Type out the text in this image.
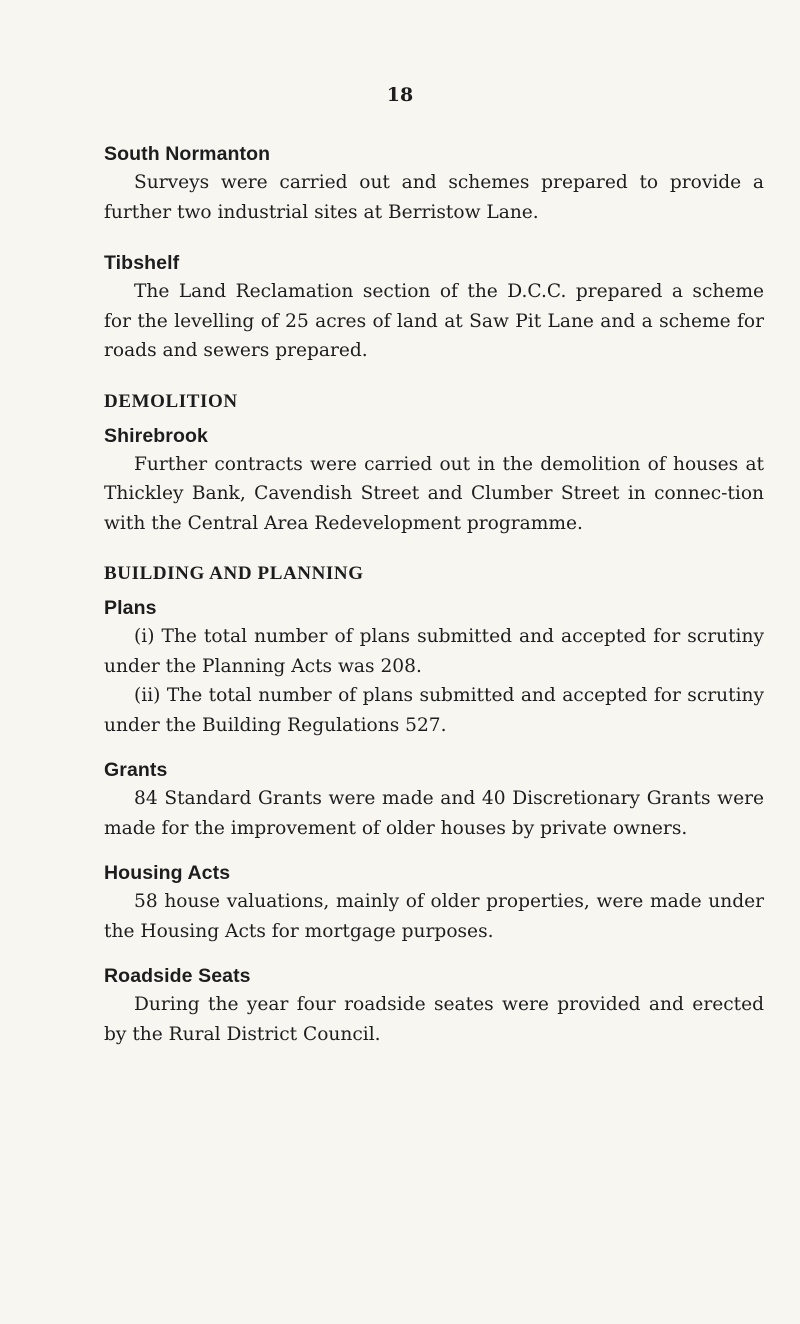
18
South Normanton

Surveys were carried out and schemes prepared to provide a further two industrial sites at Berristow Lane.

Tibshelf

The Land Reclamation section of the D.C.C. prepared a scheme for the levelling of 25 acres of land at Saw Pit Lane and a scheme for roads and sewers prepared.

DEMOLITION
Shirebrook

Further contracts were carried out in the demolition of houses at Thickley Bank, Cavendish Street and Clumber Street in connec-tion with the Central Area Redevelopment programme.

BUILDING AND PLANNING
Plans

(i) The total number of plans submitted and accepted for scrutiny under the Planning Acts was 208.

(ii) The total number of plans submitted and accepted for scrutiny under the Building Regulations 527.

Grants

84 Standard Grants were made and 40 Discretionary Grants were made for the improvement of older houses by private owners.

Housing Acts

58 house valuations, mainly of older properties, were made under the Housing Acts for mortgage purposes.

Roadside Seats

During the year four roadside seates were provided and erected by the Rural District Council.
